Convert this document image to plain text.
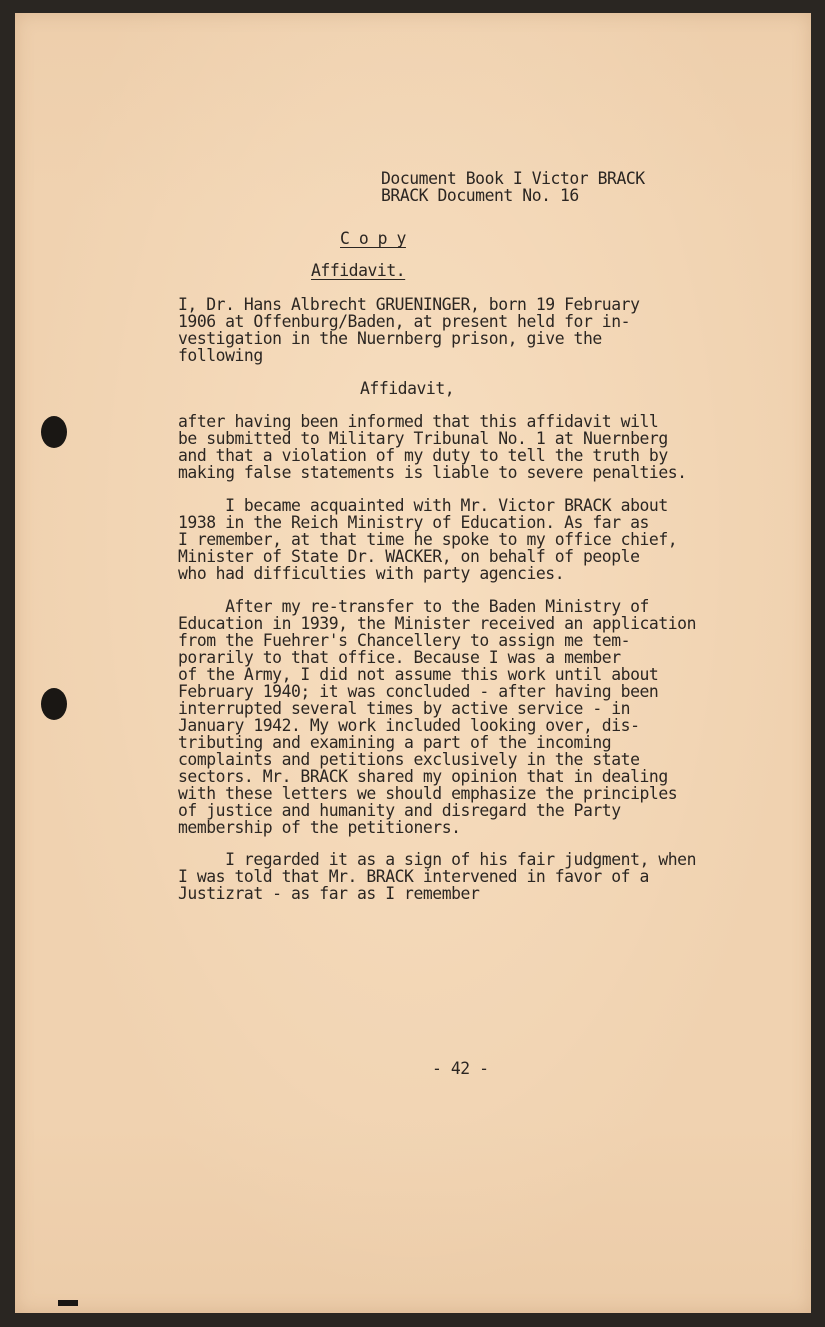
Document Book I Victor BRACK
BRACK Document No. 16
C o p y
Affidavit.
I, Dr. Hans Albrecht GRUENINGER, born 19 February
1906 at Offenburg/Baden, at present held for in-
vestigation in the Nuernberg prison, give the
following
Affidavit,
after having been informed that this affidavit will
be submitted to Military Tribunal No. 1 at Nuernberg
and that a violation of my duty to tell the truth by
making false statements is liable to severe penalties.
I became acquainted with Mr. Victor BRACK about
1938 in the Reich Ministry of Education. As far as
I remember, at that time he spoke to my office chief,
Minister of State Dr. WACKER, on behalf of people
who had difficulties with party agencies.
After my re-transfer to the Baden Ministry of
Education in 1939, the Minister received an application
from the Fuehrer's Chancellery to assign me tem-
porarily to that office. Because I was a member
of the Army, I did not assume this work until about
February 1940; it was concluded - after having been
interrupted several times by active service - in
January 1942. My work included looking over, dis-
tributing and examining a part of the incoming
complaints and petitions exclusively in the state
sectors. Mr. BRACK shared my opinion that in dealing
with these letters we should emphasize the principles
of justice and humanity and disregard the Party
membership of the petitioners.
I regarded it as a sign of his fair judgment, when
I was told that Mr. BRACK intervened in favor of a
Justizrat - as far as I remember
- 42 -
